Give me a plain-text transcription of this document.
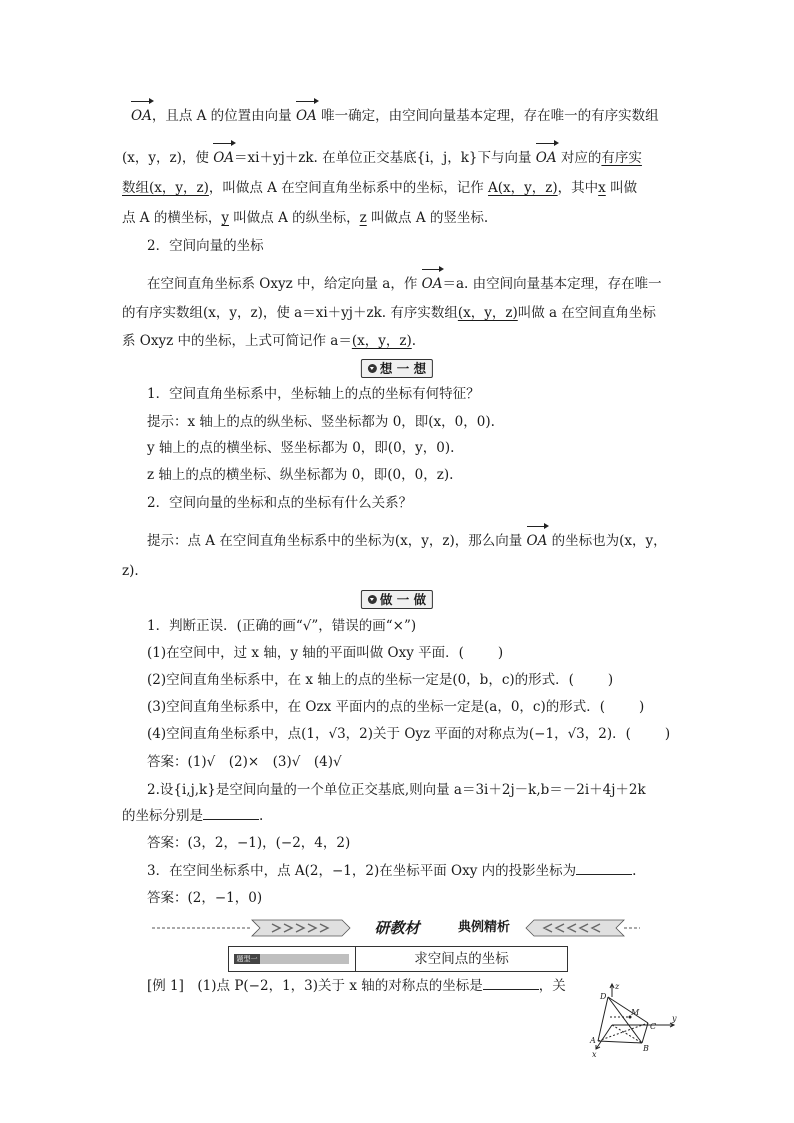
OA，且点 A 的位置由向量 OA 唯一确定，由空间向量基本定理，存在唯一的有序实数组
(x，y，z)，使 OA＝xi＋yj＋zk. 在单位正交基底{i，j，k}下与向量 OA 对应的有序实
数组(x，y，z)，叫做点 A 在空间直角坐标系中的坐标，记作 A(x，y，z)，其中x 叫做
点 A 的横坐标，y 叫做点 A 的纵坐标，z 叫做点 A 的竖坐标.
2．空间向量的坐标
在空间直角坐标系 Oxyz 中，给定向量 a，作 OA＝a. 由空间向量基本定理，存在唯一
的有序实数组(x，y，z)，使 a＝xi＋yj＋zk. 有序实数组(x，y，z)叫做 a 在空间直角坐标
系 Oxyz 中的坐标，上式可简记作 a＝(x，y，z).
想 一 想
1．空间直角坐标系中，坐标轴上的点的坐标有何特征？
提示：x 轴上的点的纵坐标、竖坐标都为 0，即(x，0，0).
y 轴上的点的横坐标、竖坐标都为 0，即(0，y，0).
z 轴上的点的横坐标、纵坐标都为 0，即(0，0，z).
2．空间向量的坐标和点的坐标有什么关系？
提示：点 A 在空间直角坐标系中的坐标为(x，y，z)，那么向量 OA 的坐标也为(x，y，
z).
做 一 做
1．判断正误．(正确的画“√”，错误的画“×”)
(1)在空间中，过 x 轴，y 轴的平面叫做 Oxy 平面．(	)
(2)空间直角坐标系中，在 x 轴上的点的坐标一定是(0，b，c)的形式．(	)
(3)空间直角坐标系中，在 Ozx 平面内的点的坐标一定是(a，0，c)的形式．(	)
(4)空间直角坐标系中，点(1，√3，2)关于 Oyz 平面的对称点为(−1，√3，2)．(	)
答案：(1)√　(2)×　(3)√　(4)√
2.设{i,j,k}是空间向量的一个单位正交基底,则向量 a＝3i＋2j－k,b＝－2i＋4j＋2k
的坐标分别是	.
答案：(3，2，−1)，(−2，4，2)
3．在空间坐标系中，点 A(2，−1，2)在坐标平面 Oxy 内的投影坐标为	.
答案：(2，−1，0)
研教材	典例精析
题型一	求空间点的坐标
[例 1]　(1)点 P(−2，1，3)关于 x 轴的对称点的坐标是	，关	z
D
M
C
y
A
B
x
